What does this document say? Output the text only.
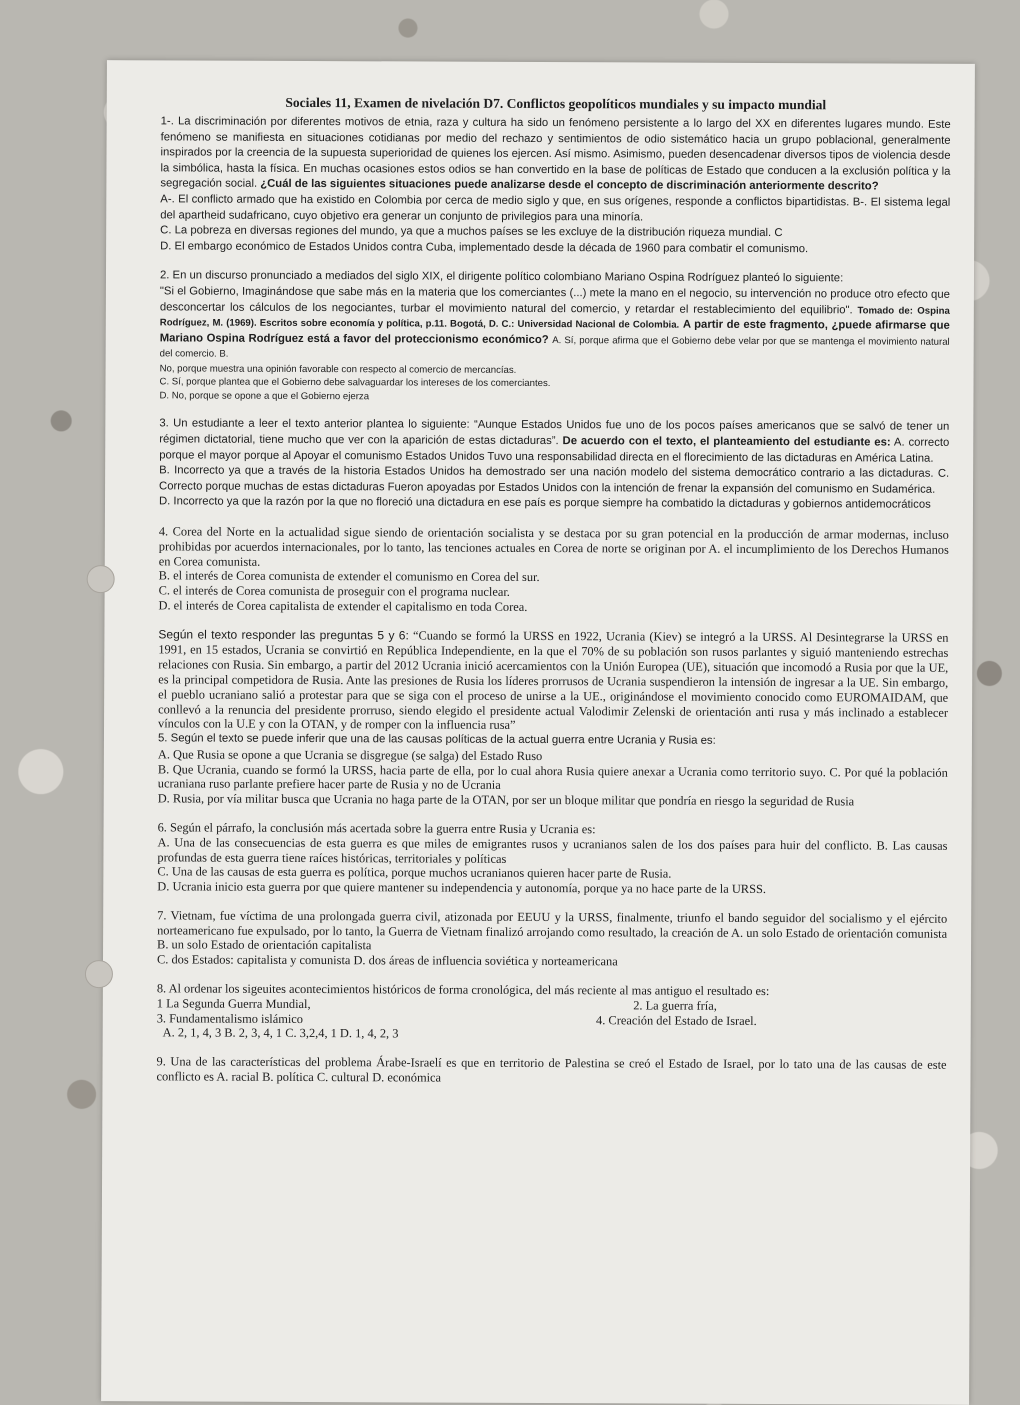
Sociales 11, Examen de nivelación D7. Conflictos geopolíticos mundiales y su impacto mundial

1-. La discriminación por diferentes motivos de etnia, raza y cultura ha sido un fenómeno persistente a lo largo del XX en diferentes lugares mundo. Este fenómeno se manifiesta en situaciones cotidianas por medio del rechazo y sentimientos de odio sistemático hacia un grupo poblacional, generalmente inspirados por la creencia de la supuesta superioridad de quienes los ejercen. Así mismo. Asimismo, pueden desencadenar diversos tipos de violencia desde la simbólica, hasta la física. En muchas ocasiones estos odios se han convertido en la base de políticas de Estado que conducen a la exclusión política y la segregación social. ¿Cuál de las siguientes situaciones puede analizarse desde el concepto de discriminación anteriormente descrito?

A-. El conflicto armado que ha existido en Colombia por cerca de medio siglo y que, en sus orígenes, responde a conflictos bipartidistas. B-. El sistema legal del apartheid sudafricano, cuyo objetivo era generar un conjunto de privilegios para una minoría.

C. La pobreza en diversas regiones del mundo, ya que a muchos países se les excluye de la distribución riqueza mundial. C

D. El embargo económico de Estados Unidos contra Cuba, implementado desde la década de 1960 para combatir el comunismo.

2. En un discurso pronunciado a mediados del siglo XIX, el dirigente político colombiano Mariano Ospina Rodríguez planteó lo siguiente:

"Si el Gobierno, Imaginándose que sabe más en la materia que los comerciantes (...) mete la mano en el negocio, su intervención no produce otro efecto que desconcertar los cálculos de los negociantes, turbar el movimiento natural del comercio, y retardar el restablecimiento del equilibrio". Tomado de: Ospina Rodríguez, M. (1969). Escritos sobre economía y política, p.11. Bogotá, D. C.: Universidad Nacional de Colombia. A partir de este fragmento, ¿puede afirmarse que Mariano Ospina Rodríguez está a favor del proteccionismo económico? A. Sí, porque afirma que el Gobierno debe velar por que se mantenga el movimiento natural del comercio. B.

No, porque muestra una opinión favorable con respecto al comercio de mercancías.

C. Sí, porque plantea que el Gobierno debe salvaguardar los intereses de los comerciantes.

D. No, porque se opone a que el Gobierno ejerza

3. Un estudiante a leer el texto anterior plantea lo siguiente: “Aunque Estados Unidos fue uno de los pocos países americanos que se salvó de tener un régimen dictatorial, tiene mucho que ver con la aparición de estas dictaduras”. De acuerdo con el texto, el planteamiento del estudiante es: A. correcto porque el mayor porque al Apoyar el comunismo Estados Unidos Tuvo una responsabilidad directa en el florecimiento de las dictaduras en América Latina.

B. Incorrecto ya que a través de la historia Estados Unidos ha demostrado ser una nación modelo del sistema democrático contrario a las dictaduras. C. Correcto porque muchas de estas dictaduras Fueron apoyadas por Estados Unidos con la intención de frenar la expansión del comunismo en Sudamérica.

D. Incorrecto ya que la razón por la que no floreció una dictadura en ese país es porque siempre ha combatido la dictaduras y gobiernos antidemocráticos

4. Corea del Norte en la actualidad sigue siendo de orientación socialista y se destaca por su gran potencial en la producción de armar modernas, incluso prohibidas por acuerdos internacionales, por lo tanto, las tenciones actuales en Corea de norte se originan por A. el incumplimiento de los Derechos Humanos en Corea comunista.

B. el interés de Corea comunista de extender el comunismo en Corea del sur.

C. el interés de Corea comunista de proseguir con el programa nuclear.

D. el interés de Corea capitalista de extender el capitalismo en toda Corea.

Según el texto responder las preguntas 5 y 6: “Cuando se formó la URSS en 1922, Ucrania (Kiev) se integró a la URSS. Al Desintegrarse la URSS en 1991, en 15 estados, Ucrania se convirtió en República Independiente, en la que el 70% de su población son rusos parlantes y siguió manteniendo estrechas relaciones con Rusia. Sin embargo, a partir del 2012 Ucrania inició acercamientos con la Unión Europea (UE), situación que incomodó a Rusia por que la UE, es la principal competidora de Rusia. Ante las presiones de Rusia los líderes prorrusos de Ucrania suspendieron la intensión de ingresar a la UE. Sin embargo, el pueblo ucraniano salió a protestar para que se siga con el proceso de unirse a la UE., originándose el movimiento conocido como EUROMAIDAM, que conllevó a la renuncia del presidente prorruso, siendo elegido el presidente actual Valodimir Zelenski de orientación anti rusa y más inclinado a establecer vínculos con la U.E y con la OTAN, y de romper con la influencia rusa”

5. Según el texto se puede inferir que una de las causas políticas de la actual guerra entre Ucrania y Rusia es:

A. Que Rusia se opone a que Ucrania se disgregue (se salga) del Estado Ruso

B. Que Ucrania, cuando se formó la URSS, hacia parte de ella, por lo cual ahora Rusia quiere anexar a Ucrania como territorio suyo. C. Por qué la población ucraniana ruso parlante prefiere hacer parte de Rusia y no de Ucrania

D. Rusia, por vía militar busca que Ucrania no haga parte de la OTAN, por ser un bloque militar que pondría en riesgo la seguridad de Rusia

6. Según el párrafo, la conclusión más acertada sobre la guerra entre Rusia y Ucrania es:

A. Una de las consecuencias de esta guerra es que miles de emigrantes rusos y ucranianos salen de los dos países para huir del conflicto. B. Las causas profundas de esta guerra tiene raíces históricas, territoriales y políticas

C. Una de las causas de esta guerra es política, porque muchos ucranianos quieren hacer parte de Rusia.

D. Ucrania inicio esta guerra por que quiere mantener su independencia y autonomía, porque ya no hace parte de la URSS.

7. Vietnam, fue víctima de una prolongada guerra civil, atizonada por EEUU y la URSS, finalmente, triunfo el bando seguidor del socialismo y el ejército norteamericano fue expulsado, por lo tanto, la Guerra de Vietnam finalizó arrojando como resultado, la creación de A. un solo Estado de orientación comunista B. un solo Estado de orientación capitalista

C. dos Estados: capitalista y comunista D. dos áreas de influencia soviética y norteamericana

8. Al ordenar los sigeuites acontecimientos históricos de forma cronológica, del más reciente al mas antiguo el resultado es:

1 La Segunda Guerra Mundial,	2. La guerra fría,
3. Fundamentalismo islámico	4. Creación del Estado de Israel.

A. 2, 1, 4, 3 B. 2, 3, 4, 1 C. 3,2,4, 1 D. 1, 4, 2, 3

9. Una de las características del problema Árabe-Israelí es que en territorio de Palestina se creó el Estado de Israel, por lo tato una de las causas de este conflicto es A. racial B. política C. cultural D. económica
